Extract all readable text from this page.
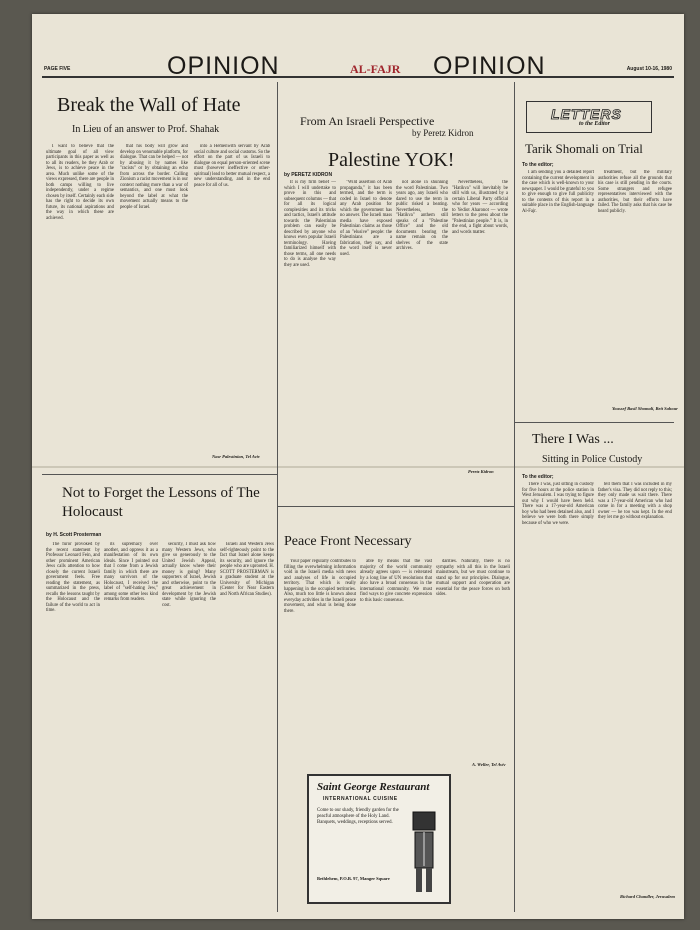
PAGE FIVE	OPINION	AL-FAJR OPINION	August 10-16, 1980
Break the Wall of Hate
In Lieu of an answer to Prof. Shahak

I want to believe that the ultimate goal of all view participants in this paper as well as to all its readers, be they Arab or Jews, is to achieve peace in the area. Much unlike some of the views expressed, there are people in both camps willing to live independently, under a regime chosen by itself. Certainly each side has the right to decide its own future, its national aspirations and the way in which these are achieved.

that his body will grow and develop on venomable platform, for dialogue. That can be helped — not by abusing it by names like "racists" or by obtaining an echo from across the border. Calling Zionism a racist movement is in our context nothing more than a war of semantics, and one must look beyond the label at what the movement actually means to the people of Israel.

into a Hemenwith servant by Arab social culture and social customs. So the effort on the part of us Israeli to dialogue on equal person-oriented scene must (however ineffective or other-spiritual) lead to better mutual respect, a new understanding, and in the end peace for all of us.

Nasr Palestinian, Tel Aviv
From An Israeli Perspective
by Peretz Kidron
Palestine YOK!
by PERETZ KIDRON

It is my firm belief — which I will undertake to prove in this and subsequent columns — that for all its logical complexities and its tricks and tactics, Israel's attitude towards the Palestinian problem can easily be described by anyone who knows even popular Israeli terminology. Having familiarized himself with those terms, all one needs to do is analyse the way they are used.

"Wild assertion of Arab propaganda," it has been termed, and the term is coded in Israel to denote any Arab position for which the government has no answer. The Israeli mass media have exposed Palestinian claims as those of an "elusive" people: the Palestinians are a fabrication, they say, and the word itself is never used.

not alone in shunning the word Palestinian. Two years ago, any Israeli who dared to use the term in public risked a beating. Nevertheless, the "Hatikva" anthem still speaks of a "Palestine Office" and the old documents bearing the name remain on the shelves of the state archives.

Nevertheless, the "Hatikva" will inevitably be still with us, illustrated by a certain Liberal Party official who for years — according to Yediot Aharonot — wrote letters to the press about the "Palestinian people." It is, in the end, a fight about words, and words matter.

Peretz Kidron
LETTERS
to the Editor
Tarik Shomali on Trial
To the editor;

I am sending you a detailed report containing the current development in the case which is well-known to your newspaper. I would be grateful to you to give enough to give full publicity to the contents of this report in a suitable place in the English-language Al-Fajr.

treatment, but the military authorities refuse all the grounds that his case is still pending in the courts. Some strangers and refugee representatives interviewed with the authorities, but their efforts have failed. The family asks that his case be heard publicly.

Youssef Basil Shomali, Beit Sahour
Not to Forget the Lessons of The Holocaust
by H. Scott Prosterman

The furor provoked by the recent statement by Professor Leonard Fein, and other prominent American Jews calls attention to how closely the current Israeli government feels. Free reading the statement, as summarized in the press, recalls the lessons taught by the Holocaust and the failure of the world to act in time.

its supremacy over another, and oppress it as a manifestation of its own ideals. Since I pointed out that I come from a Jewish family in which there are many survivors of the Holocaust, I received the label of "self-hating Jew," among some other less kind remarks from readers.

security, I must ask how many Western Jews, who give so generously to the United Jewish Appeal, actually know where their money is going? Many supporters of Israel, Jewish and otherwise, point to the great achievement in development by the Jewish state while ignoring the cost.

Israeli and Western Jews self-righteously point to the fact that Israel alone keeps its security, and ignore the people who are uprooted. H. SCOTT PROSTERMAN is a graduate student at the University of Michigan (Center for Near Eastern and North African Studies).

Peace Front Necessary

Your paper regularly contributes to filling the overwhelming information void in the Israeli media with news and analyses of life in occupied territory. That which is really happening in the occupied territories. Also, much too little is known about everyday activities in the Israeli peace movement, and what is being done there.

able by means that the vast majority of the world community already agrees upon — is reiterated by a long line of UN resolutions that also have a broad consensus in the international community. We must find ways to give concrete expression to this basic consensus.

darities. Naturally, there is no sympathy with all this in the Israeli mainstream, but we must continue to stand up for our principles. Dialogue, mutual support and cooperation are essential for the peace forces on both sides.

A. Weller, Tel Aviv
There I Was ...
Sitting in Police Custody
To the editor;

There I was, just sitting in custody for five hours at the police station in West Jerusalem. I was trying to figure out why I would have been held. There was a 17-year-old American boy who had been detained also, and I believe we were both there simply because of who we were.

tell them that I was included in my father's visa. They did not reply to this; they only made us wait there. There was a 17-year-old American who had come in for a meeting with a shop owner — he too was kept. In the end they let me go without explanation.

Richard Chandler, Jerusalem
Saint George Restaurant
INTERNATIONAL CUISINE
Come to our shady, friendly garden for the peacful atmosphere of the Holy Land. Banquets, weddings, receptions served.
Bethlehem, P.O.B. 97, Manger Square
